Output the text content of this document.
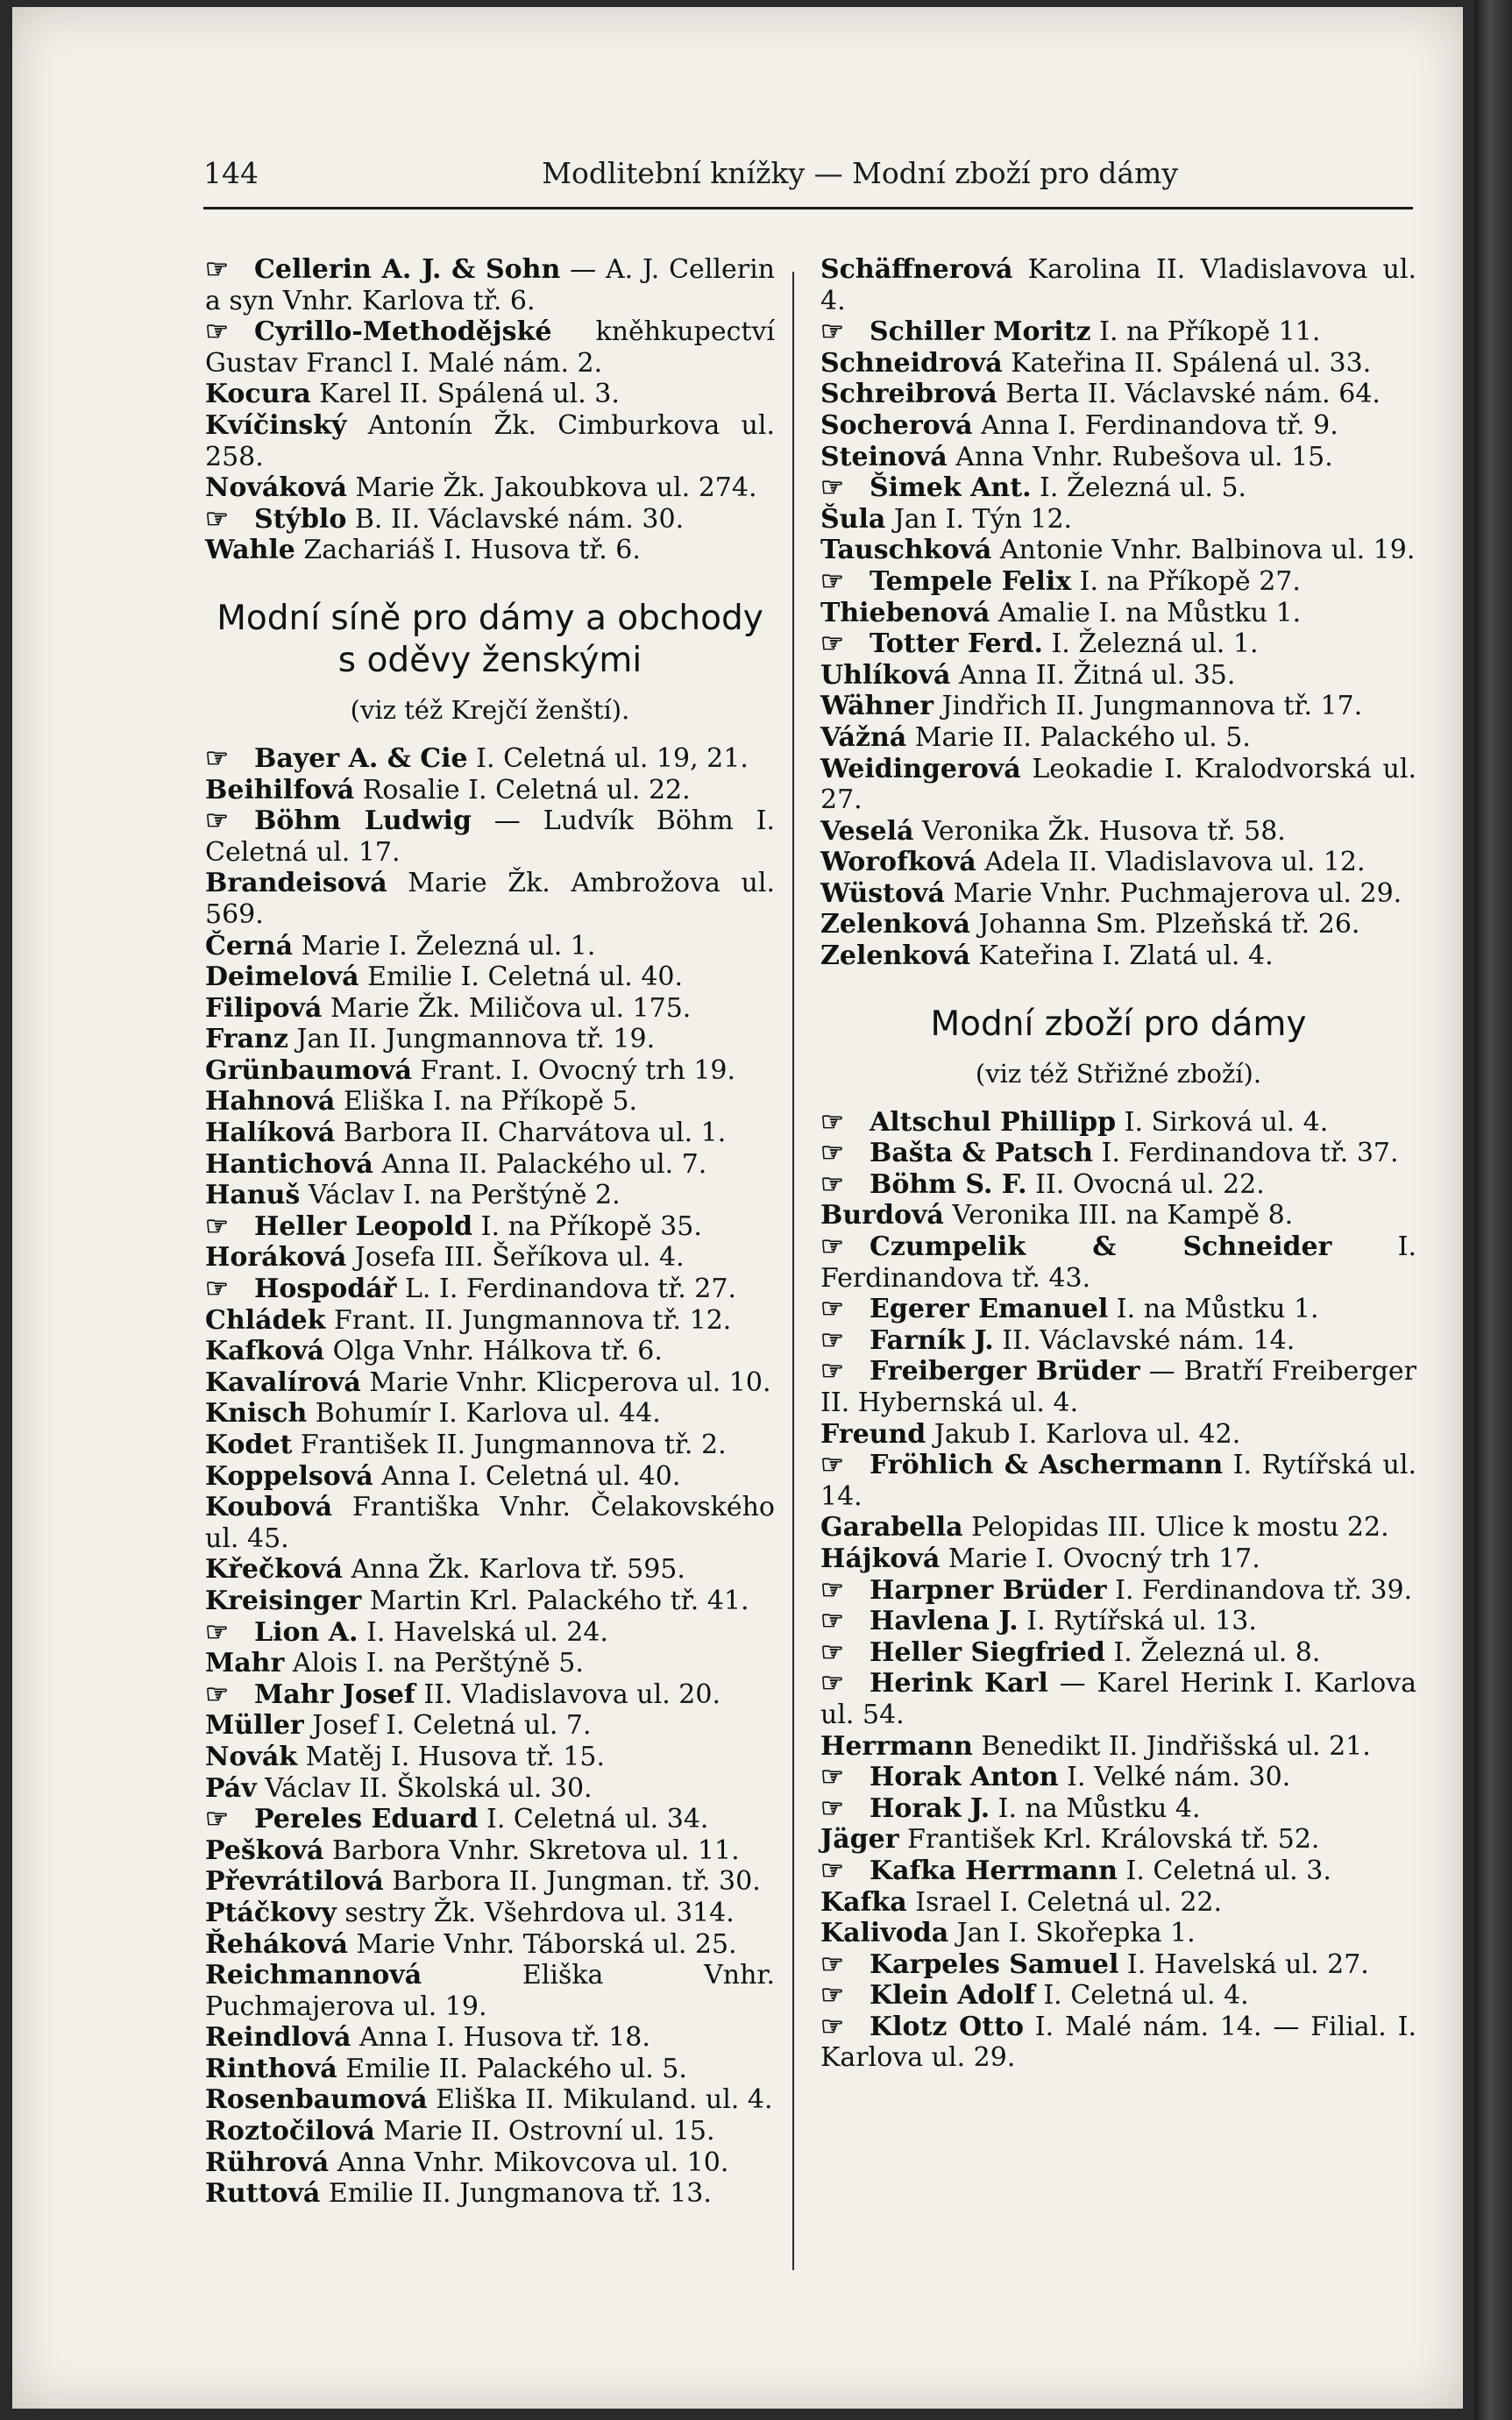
144	Modlitební knížky — Modní zboží pro dámy
☞ Cellerin A. J. & Sohn — A. J. Cellerin a syn Vnhr. Karlova tř. 6.
☞ Cyrillo-Methodějské kněhkupectví Gustav Francl I. Malé nám. 2.
Kocura Karel II. Spálená ul. 3.
Kvíčinský Antonín Žk. Cimburkova ul. 258.
Nováková Marie Žk. Jakoubkova ul. 274.
☞ Stýblo B. II. Václavské nám. 30.
Wahle Zachariáš I. Husova tř. 6.
Modní síně pro dámy a obchody s oděvy ženskými
(viz též Krejčí ženští).
☞ Bayer A. & Cie I. Celetná ul. 19, 21.
Beihilfová Rosalie I. Celetná ul. 22.
☞ Böhm Ludwig — Ludvík Böhm I. Celetná ul. 17.
Brandeisová Marie Žk. Ambrožova ul. 569.
Černá Marie I. Železná ul. 1.
Deimelová Emilie I. Celetná ul. 40.
Filipová Marie Žk. Miličova ul. 175.
Franz Jan II. Jungmannova tř. 19.
Grünbaumová Frant. I. Ovocný trh 19.
Hahnová Eliška I. na Příkopě 5.
Halíková Barbora II. Charvátova ul. 1.
Hantichová Anna II. Palackého ul. 7.
Hanuš Václav I. na Perštýně 2.
☞ Heller Leopold I. na Příkopě 35.
Horáková Josefa III. Šeříkova ul. 4.
☞ Hospodář L. I. Ferdinandova tř. 27.
Chládek Frant. II. Jungmannova tř. 12.
Kafková Olga Vnhr. Hálkova tř. 6.
Kavalírová Marie Vnhr. Klicperova ul. 10.
Knisch Bohumír I. Karlova ul. 44.
Kodet František II. Jungmannova tř. 2.
Koppelsová Anna I. Celetná ul. 40.
Koubová Františka Vnhr. Čelakovského ul. 45.
Křečková Anna Žk. Karlova tř. 595.
Kreisinger Martin Krl. Palackého tř. 41.
☞ Lion A. I. Havelská ul. 24.
Mahr Alois I. na Perštýně 5.
☞ Mahr Josef II. Vladislavova ul. 20.
Müller Josef I. Celetná ul. 7.
Novák Matěj I. Husova tř. 15.
Páv Václav II. Školská ul. 30.
☞ Pereles Eduard I. Celetná ul. 34.
Pešková Barbora Vnhr. Skretova ul. 11.
Převrátilová Barbora II. Jungman. tř. 30.
Ptáčkovy sestry Žk. Všehrdova ul. 314.
Řeháková Marie Vnhr. Táborská ul. 25.
Reichmannová Eliška Vnhr. Puchmajerova ul. 19.
Reindlová Anna I. Husova tř. 18.
Rinthová Emilie II. Palackého ul. 5.
Rosenbaumová Eliška II. Mikuland. ul. 4.
Roztočilová Marie II. Ostrovní ul. 15.
Rührová Anna Vnhr. Mikovcova ul. 10.
Ruttová Emilie II. Jungmanova tř. 13.
Schäffnerová Karolina II. Vladislavova ul. 4.
☞ Schiller Moritz I. na Příkopě 11.
Schneidrová Kateřina II. Spálená ul. 33.
Schreibrová Berta II. Václavské nám. 64.
Socherová Anna I. Ferdinandova tř. 9.
Steinová Anna Vnhr. Rubešova ul. 15.
☞ Šimek Ant. I. Železná ul. 5.
Šula Jan I. Týn 12.
Tauschková Antonie Vnhr. Balbinova ul. 19.
☞ Tempele Felix I. na Příkopě 27.
Thiebenová Amalie I. na Můstku 1.
☞ Totter Ferd. I. Železná ul. 1.
Uhlíková Anna II. Žitná ul. 35.
Wähner Jindřich II. Jungmannova tř. 17.
Vážná Marie II. Palackého ul. 5.
Weidingerová Leokadie I. Kralodvorská ul. 27.
Veselá Veronika Žk. Husova tř. 58.
Worofková Adela II. Vladislavova ul. 12.
Wüstová Marie Vnhr. Puchmajerova ul. 29.
Zelenková Johanna Sm. Plzeňská tř. 26.
Zelenková Kateřina I. Zlatá ul. 4.
Modní zboží pro dámy
(viz též Střižné zboží).
☞ Altschul Phillipp I. Sirková ul. 4.
☞ Bašta & Patsch I. Ferdinandova tř. 37.
☞ Böhm S. F. II. Ovocná ul. 22.
Burdová Veronika III. na Kampě 8.
☞ Czumpelik & Schneider I. Ferdinandova tř. 43.
☞ Egerer Emanuel I. na Můstku 1.
☞ Farník J. II. Václavské nám. 14.
☞ Freiberger Brüder — Bratří Freiberger II. Hybernská ul. 4.
Freund Jakub I. Karlova ul. 42.
☞ Fröhlich & Aschermann I. Rytířská ul. 14.
Garabella Pelopidas III. Ulice k mostu 22.
Hájková Marie I. Ovocný trh 17.
☞ Harpner Brüder I. Ferdinandova tř. 39.
☞ Havlena J. I. Rytířská ul. 13.
☞ Heller Siegfried I. Železná ul. 8.
☞ Herink Karl — Karel Herink I. Karlova ul. 54.
Herrmann Benedikt II. Jindřišská ul. 21.
☞ Horak Anton I. Velké nám. 30.
☞ Horak J. I. na Můstku 4.
Jäger František Krl. Královská tř. 52.
☞ Kafka Herrmann I. Celetná ul. 3.
Kafka Israel I. Celetná ul. 22.
Kalivoda Jan I. Skořepka 1.
☞ Karpeles Samuel I. Havelská ul. 27.
☞ Klein Adolf I. Celetná ul. 4.
☞ Klotz Otto I. Malé nám. 14. — Filial. I. Karlova ul. 29.
